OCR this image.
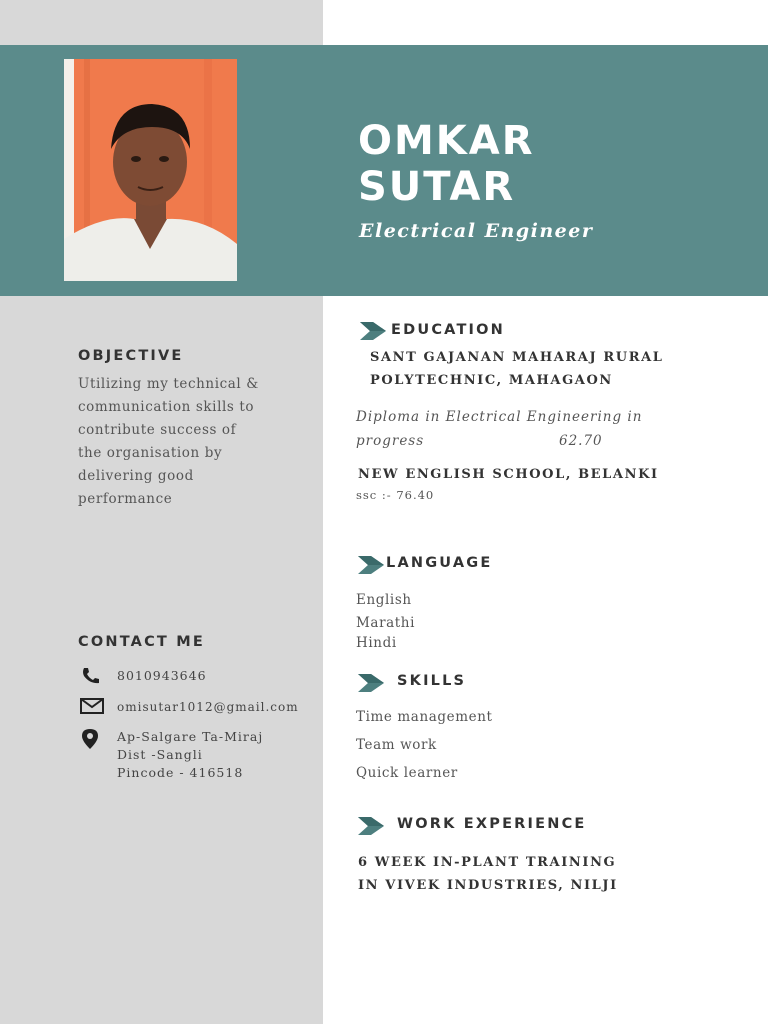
OMKAR
SUTAR
Electrical Engineer
OBJECTIVE
Utilizing my technical &
communication skills to
contribute success of
the organisation by
delivering good
performance
CONTACT ME
8010943646
omisutar1012@gmail.com
Ap-Salgare Ta-Miraj
Dist -Sangli
Pincode - 416518
EDUCATION
SANT GAJANAN MAHARAJ RURAL
POLYTECHNIC, MAHAGAON
Diploma in Electrical Engineering in
progress	62.70
NEW ENGLISH SCHOOL, BELANKI
ssc :- 76.40
LANGUAGE
English
Marathi
Hindi
SKILLS
Time management
Team work
Quick learner
WORK EXPERIENCE
6 WEEK IN-PLANT TRAINING
IN VIVEK INDUSTRIES, NILJI
